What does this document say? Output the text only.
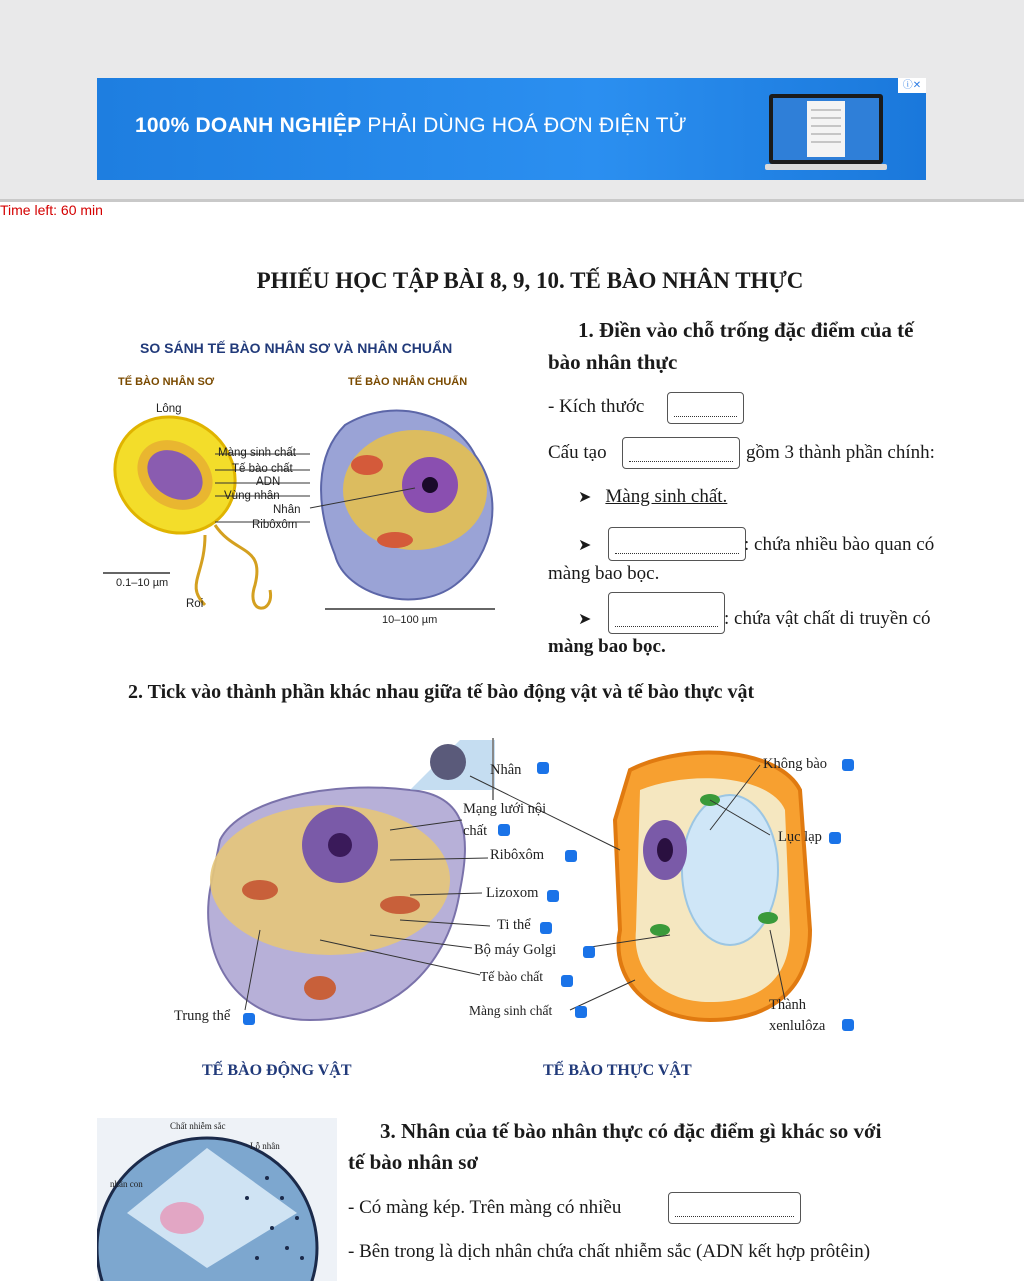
100% DOANH NGHIỆP PHẢI DÙNG HOÁ ĐƠN ĐIỆN TỬ
ⓘ✕
Time left: 60 min
PHIẾU HỌC TẬP BÀI 8, 9, 10. TẾ BÀO NHÂN THỰC
SO SÁNH TẾ BÀO NHÂN SƠ VÀ NHÂN CHUẨN
TẾ BÀO NHÂN SƠ	TẾ BÀO NHÂN CHUẨN
Lông
Màng sinh chất
Tế bào chất
ADN
Vùng nhân
Nhân
Ribôxôm
0.1–10 µm
Roi
10–100 µm
1. Điền vào chỗ trống đặc điểm của tế
bào nhân thực
- Kích thước
Cấu tạo	gồm 3 thành phần chính:
➤ Màng sinh chất.
➤	: chứa nhiều bào quan có
màng bao bọc.
➤	: chứa vật chất di truyền có
màng bao bọc.
2. Tick vào thành phần khác nhau giữa tế bào động vật và tế bào thực vật
Nhân
Mạng lưới nội
chất
Ribôxôm
Lizoxom
Ti thể
Bộ máy Golgi
Tế bào chất
Màng sinh chất
Trung thể
Không bào
Lục lạp
Thành
xenlulôza
TẾ BÀO ĐỘNG VẬT	TẾ BÀO THỰC VẬT
Chất nhiễm sắc
Lỗ nhân
nhân con
3. Nhân của tế bào nhân thực có đặc điểm gì khác so với
tế bào nhân sơ
- Có màng kép. Trên màng có nhiều
- Bên trong là dịch nhân chứa chất nhiễm sắc (ADN kết hợp prôtêin)
